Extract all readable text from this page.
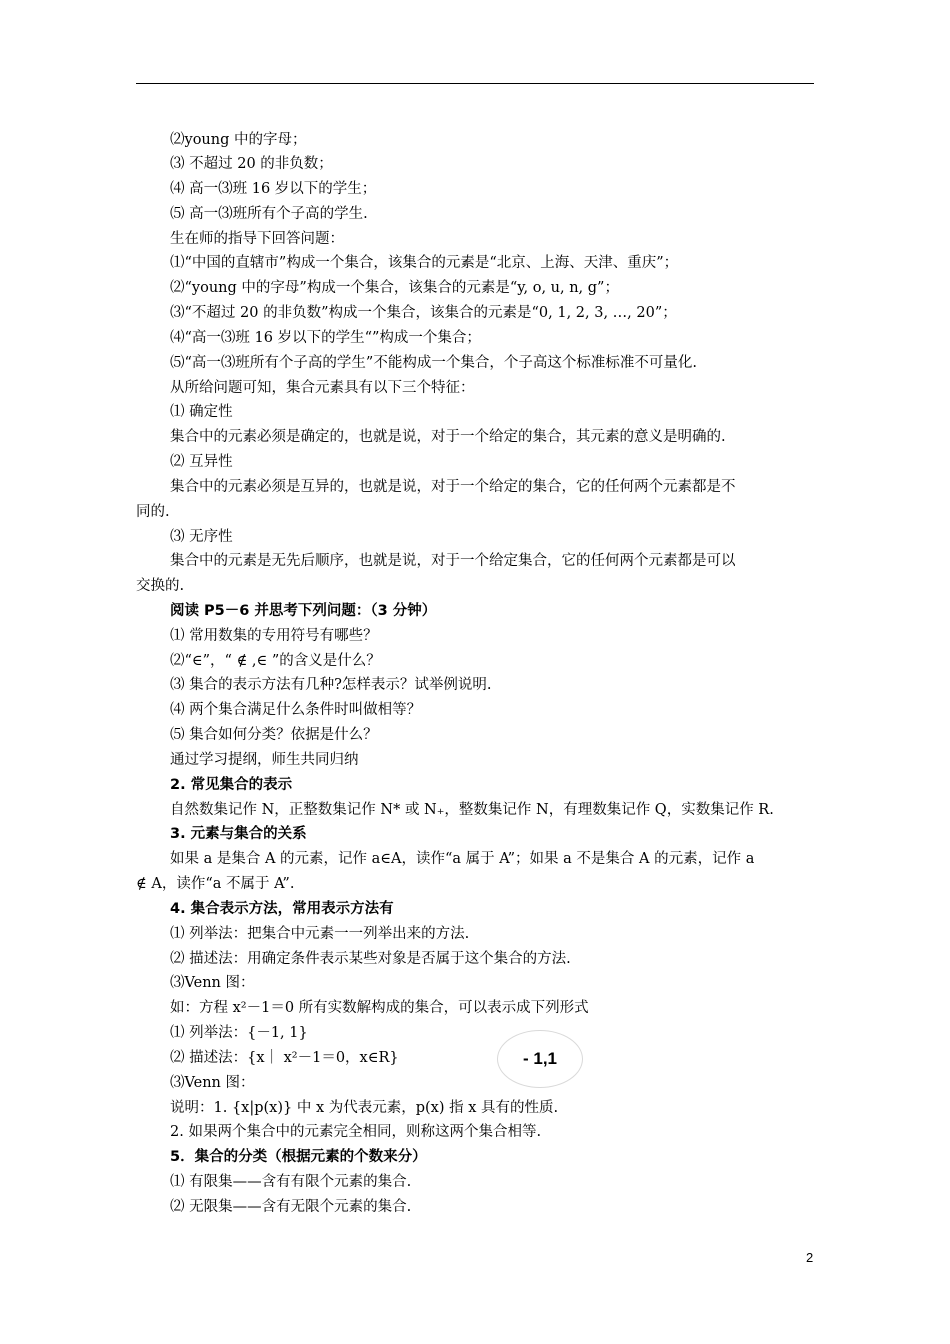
⑵young 中的字母；
⑶ 不超过 20 的非负数；
⑷ 高一⑶班 16 岁以下的学生；
⑸ 高一⑶班所有个子高的学生.
生在师的指导下回答问题：
⑴“中国的直辖市”构成一个集合，该集合的元素是“北京、上海、天津、重庆”；
⑵“young 中的字母”构成一个集合，该集合的元素是“y, o, u, n, g”；
⑶“不超过 20 的非负数”构成一个集合，该集合的元素是“0, 1, 2, 3, …, 20”；
⑷“高一⑶班 16 岁以下的学生“”构成一个集合；
⑸“高一⑶班所有个子高的学生”不能构成一个集合，个子高这个标准标准不可量化.
从所给问题可知，集合元素具有以下三个特征：
⑴ 确定性
集合中的元素必须是确定的，也就是说，对于一个给定的集合，其元素的意义是明确的.
⑵ 互异性
集合中的元素必须是互异的，也就是说，对于一个给定的集合，它的任何两个元素都是不
同的.
⑶ 无序性
集合中的元素是无先后顺序，也就是说，对于一个给定集合，它的任何两个元素都是可以
交换的.
阅读 P5－6 并思考下列问题：（3 分钟）
⑴ 常用数集的专用符号有哪些？
⑵“∈”，“ ∉ ,∈ ”的含义是什么？
⑶ 集合的表示方法有几种?怎样表示？试举例说明.
⑷ 两个集合满足什么条件时叫做相等？
⑸ 集合如何分类？依据是什么？
通过学习提纲，师生共同归纳
2. 常见集合的表示
自然数集记作 N，正整数集记作 N* 或 N₊，整数集记作 N，有理数集记作 Q，实数集记作 R.
3. 元素与集合的关系
如果 a 是集合 A 的元素，记作 a∈A，读作“a 属于 A”；如果 a 不是集合 A 的元素，记作 a
∉ A，读作“a 不属于 A”.
4. 集合表示方法，常用表示方法有
⑴ 列举法：把集合中元素一一列举出来的方法.
⑵ 描述法：用确定条件表示某些对象是否属于这个集合的方法.
⑶Venn 图：
如：方程 x²－1＝0 所有实数解构成的集合，可以表示成下列形式
⑴ 列举法：{－1, 1}
⑵ 描述法：{x｜ x²－1＝0，x∈R}
⑶Venn 图：
说明：1. {x|p(x)} 中 x 为代表元素，p(x) 指 x 具有的性质.
2. 如果两个集合中的元素完全相同，则称这两个集合相等.
5．集合的分类（根据元素的个数来分）
⑴ 有限集——含有有限个元素的集合.
⑵ 无限集——含有无限个元素的集合.
- 1,1
2
